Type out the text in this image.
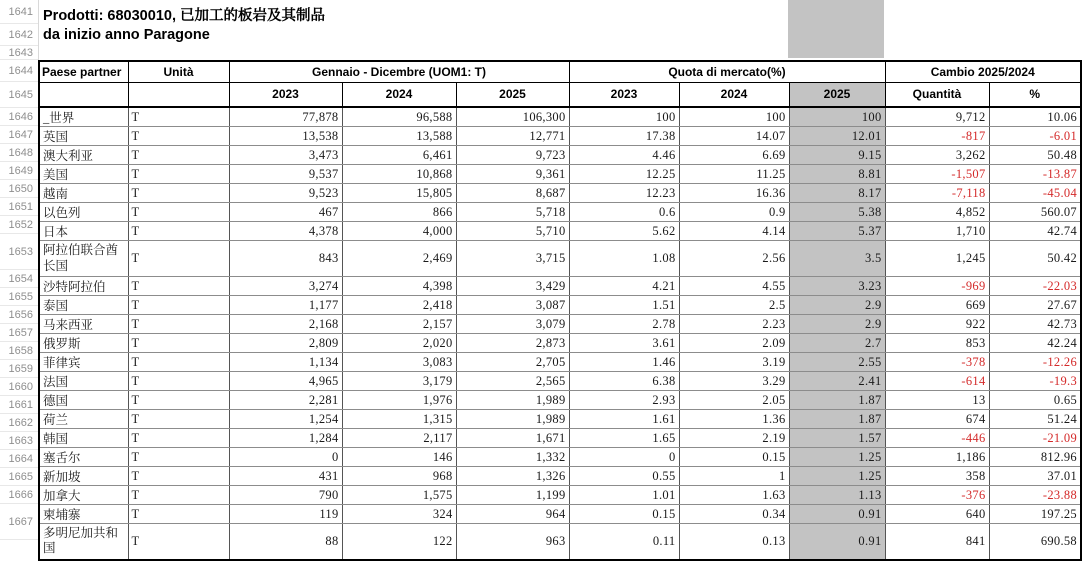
1641
1642
1643
1644
1645
1646
1647
1648
1649
1650
1651
1652
1653
1654
1655
1656
1657
1658
1659
1660
1661
1662
1663
1664
1665
1666
1667
Prodotti: 68030010, 已加工的板岩及其制品
da inizio anno Paragone
Paese partner	Unità	Gennaio - Dicembre (UOM1: T)			Quota di mercato(%)			Cambio 2025/2024	
		2023	2024	2025	2023	2024	2025	Quantità	%
_世界	T	77,878	96,588	106,300	100	100	100	9,712	10.06
英国	T	13,538	13,588	12,771	17.38	14.07	12.01	-817	-6.01
澳大利亚	T	3,473	6,461	9,723	4.46	6.69	9.15	3,262	50.48
美国	T	9,537	10,868	9,361	12.25	11.25	8.81	-1,507	-13.87
越南	T	9,523	15,805	8,687	12.23	16.36	8.17	-7,118	-45.04
以色列	T	467	866	5,718	0.6	0.9	5.38	4,852	560.07
日本	T	4,378	4,000	5,710	5.62	4.14	5.37	1,710	42.74
阿拉伯联合酋长国	T	843	2,469	3,715	1.08	2.56	3.5	1,245	50.42
沙特阿拉伯	T	3,274	4,398	3,429	4.21	4.55	3.23	-969	-22.03
泰国	T	1,177	2,418	3,087	1.51	2.5	2.9	669	27.67
马来西亚	T	2,168	2,157	3,079	2.78	2.23	2.9	922	42.73
俄罗斯	T	2,809	2,020	2,873	3.61	2.09	2.7	853	42.24
菲律宾	T	1,134	3,083	2,705	1.46	3.19	2.55	-378	-12.26
法国	T	4,965	3,179	2,565	6.38	3.29	2.41	-614	-19.3
德国	T	2,281	1,976	1,989	2.93	2.05	1.87	13	0.65
荷兰	T	1,254	1,315	1,989	1.61	1.36	1.87	674	51.24
韩国	T	1,284	2,117	1,671	1.65	2.19	1.57	-446	-21.09
塞舌尔	T	0	146	1,332	0	0.15	1.25	1,186	812.96
新加坡	T	431	968	1,326	0.55	1	1.25	358	37.01
加拿大	T	790	1,575	1,199	1.01	1.63	1.13	-376	-23.88
柬埔寨	T	119	324	964	0.15	0.34	0.91	640	197.25
多明尼加共和国	T	88	122	963	0.11	0.13	0.91	841	690.58
